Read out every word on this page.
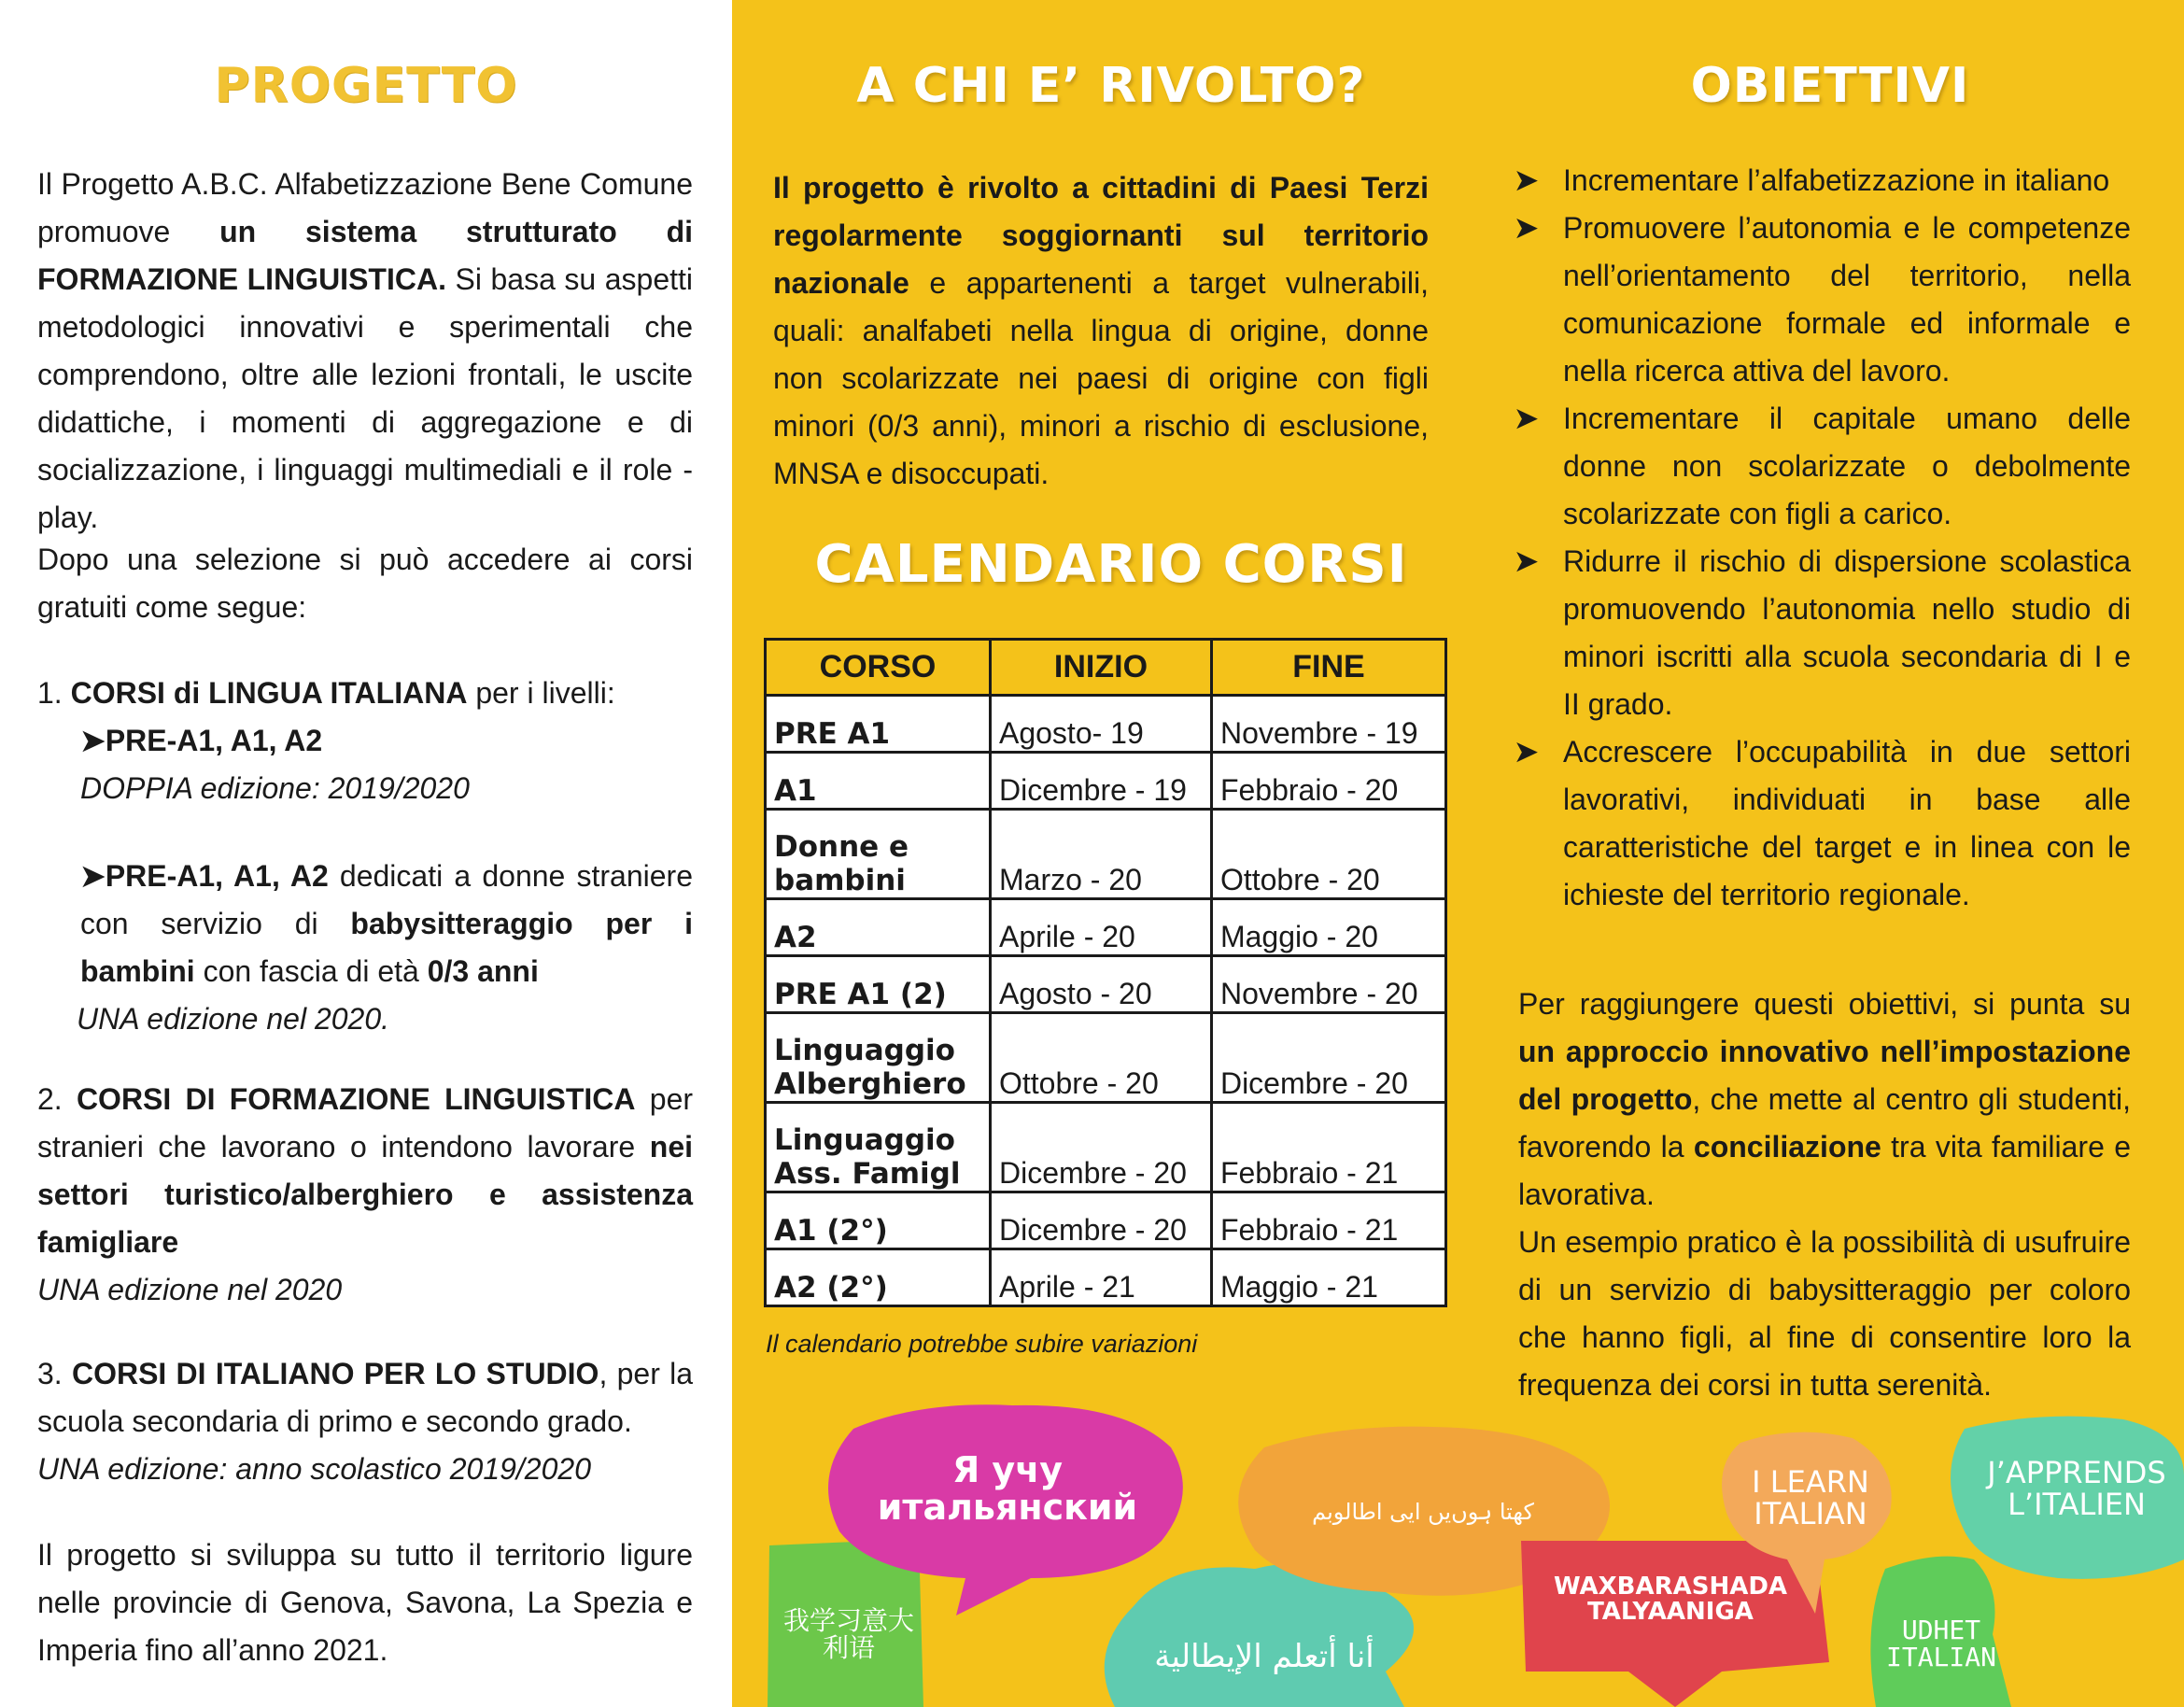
PROGETTO	A CHI E’ RIVOLTO?	OBIETTIVI
CALENDARIO CORSI
Il Progetto A.B.C. Alfabetizzazione Bene Comune promuove un sistema strutturato di FORMAZIONE LINGUISTICA. Si basa su aspetti metodologici innovativi e sperimentali che comprendono, oltre alle lezioni frontali, le uscite didattiche, i momenti di aggregazione e di socializzazione, i linguaggi multimediali e il role - play.
Dopo una selezione si può accedere ai corsi gratuiti come segue:
1. CORSI di LINGUA ITALIANA per i livelli:
➤PRE-A1, A1, A2
DOPPIA edizione: 2019/2020
➤PRE-A1, A1, A2 dedicati a donne straniere con servizio di babysitteraggio per i bambini con fascia di età 0/3 anni
UNA edizione nel 2020.
2. CORSI DI FORMAZIONE LINGUISTICA per stranieri che lavorano o intendono lavorare nei settori turistico/alberghiero e assistenza famigliare
UNA edizione nel 2020
3. CORSI DI ITALIANO PER LO STUDIO, per la scuola secondaria di primo e secondo grado.
UNA edizione: anno scolastico 2019/2020
Il progetto si sviluppa su tutto il territorio ligure nelle provincie di Genova, Savona, La Spezia e Imperia fino all’anno 2021.
Il progetto è rivolto a cittadini di Paesi Terzi regolarmente soggiornanti sul territorio nazionale e appartenenti a target vulnerabili, quali: analfabeti nella lingua di origine, donne non scolarizzate nei paesi di origine con figli minori (0/3 anni), minori a rischio di esclusione, MNSA e disoccupati.
CORSO	INIZIO	FINE
PRE A1	Agosto- 19	Novembre - 19
A1	Dicembre - 19	Febbraio - 20
Donne e bambini	Marzo - 20	Ottobre - 20
A2	Aprile - 20	Maggio - 20
PRE A1 (2)	Agosto - 20	Novembre - 20
Linguaggio Alberghiero	Ottobre - 20	Dicembre - 20
Linguaggio Ass. Famigl	Dicembre - 20	Febbraio - 21
A1 (2°)	Dicembre - 20	Febbraio - 21
A2 (2°)	Aprile - 21	Maggio - 21
Il calendario potrebbe subire variazioni
➤ Incrementare l’alfabetizzazione in italiano
➤ Promuovere l’autonomia e le competenze nell’orientamento del territorio, nella comunicazione formale ed informale e nella ricerca attiva del lavoro.
➤ Incrementare il capitale umano delle donne non scolarizzate o debolmente scolarizzate con figli a carico.
➤ Ridurre il rischio di dispersione scolastica promuovendo l’autonomia nello studio di minori iscritti alla scuola secondaria di I e II grado.
➤ Accrescere l’occupabilità in due settori lavorativi, individuati in base alle caratteristiche del target e in linea con le ichieste del territorio regionale.
Per raggiungere questi obiettivi, si punta su un approccio innovativo nell’impostazione del progetto, che mette al centro gli studenti, favorendo la conciliazione tra vita familiare e lavorativa.
Un esempio pratico è la possibilità di usufruire di un servizio di babysitteraggio per coloro che hanno figli, al fine di consentire loro la frequenza dei corsi in tutta serenità.
Я учу итальянский
我学习意大利语	أنا أتعلم الإيطالية
کھتا ہوں‌یں ایی اطالوبم
WAXBARASHADA TALYAANIGA
I LEARN ITALIAN
J’APPRENDS L’ITALIEN
UDHET ITALIAN
